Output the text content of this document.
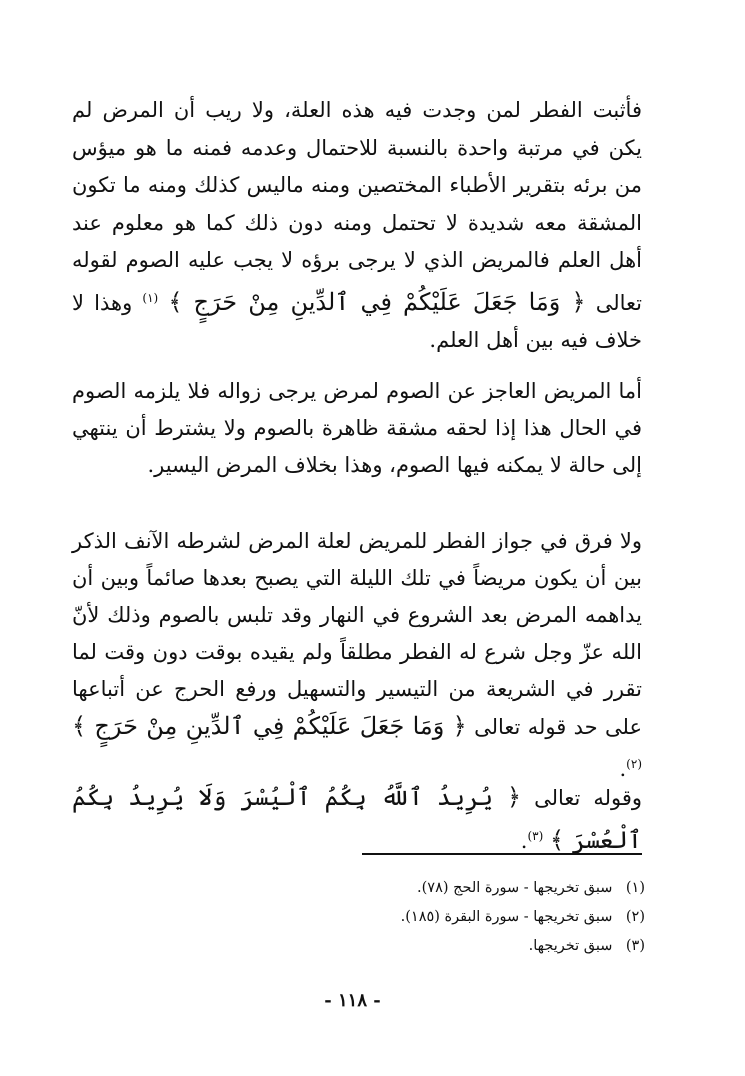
فأثبت الفطر لمن وجدت فيه هذه العلة، ولا ريب أن المرض لم يكن في مرتبة واحدة بالنسبة للاحتمال وعدمه فمنه ما هو ميؤس من برئه بتقرير الأطباء المختصين ومنه ماليس كذلك ومنه ما تكون المشقة معه شديدة لا تحتمل ومنه دون ذلك كما هو معلوم عند أهل العلم فالمريض الذي لا يرجى برؤه لا يجب عليه الصوم لقوله تعالى ﴿ وَمَا جَعَلَ عَلَيْكُمْ فِي ٱلدِّينِ مِنْ حَرَجٍ ﴾ $^{(١)}$ وهذا لا خلاف فيه بين أهل العلم.

أما المريض العاجز عن الصوم لمرض يرجى زواله فلا يلزمه الصوم في الحال هذا إذا لحقه مشقة ظاهرة بالصوم ولا يشترط أن ينتهي إلى حالة لا يمكنه فيها الصوم، وهذا بخلاف المرض اليسير.

ولا فرق في جواز الفطر للمريض لعلة المرض لشرطه الآنف الذكر بين أن يكون مريضاً في تلك الليلة التي يصبح بعدها صائماً وبين أن يداهمه المرض بعد الشروع في النهار وقد تلبس بالصوم وذلك لأنّ الله عزّ وجل شرع له الفطر مطلقاً ولم يقيده بوقت دون وقت لما تقرر في الشريعة من التيسير والتسهيل ورفع الحرج عن أتباعها على حد قوله تعالى ﴿ وَمَا جَعَلَ عَلَيْكُمْ فِي ٱلدِّينِ مِنْ حَرَجٍ ﴾ $^{(٢)}$.

وقوله تعالى ﴿ يُرِيدُ ٱللَّهُ بِكُمُ ٱلْيُسْرَ وَلَا يُرِيدُ بِكُمُ ٱلْعُسْرَ ﴾ $^{(٣)}$.

(١) سبق تخريجها - سورة الحج (٧٨).
(٢) سبق تخريجها - سورة البقرة (١٨٥).
(٣) سبق تخريجها.
- ١١٨ -
